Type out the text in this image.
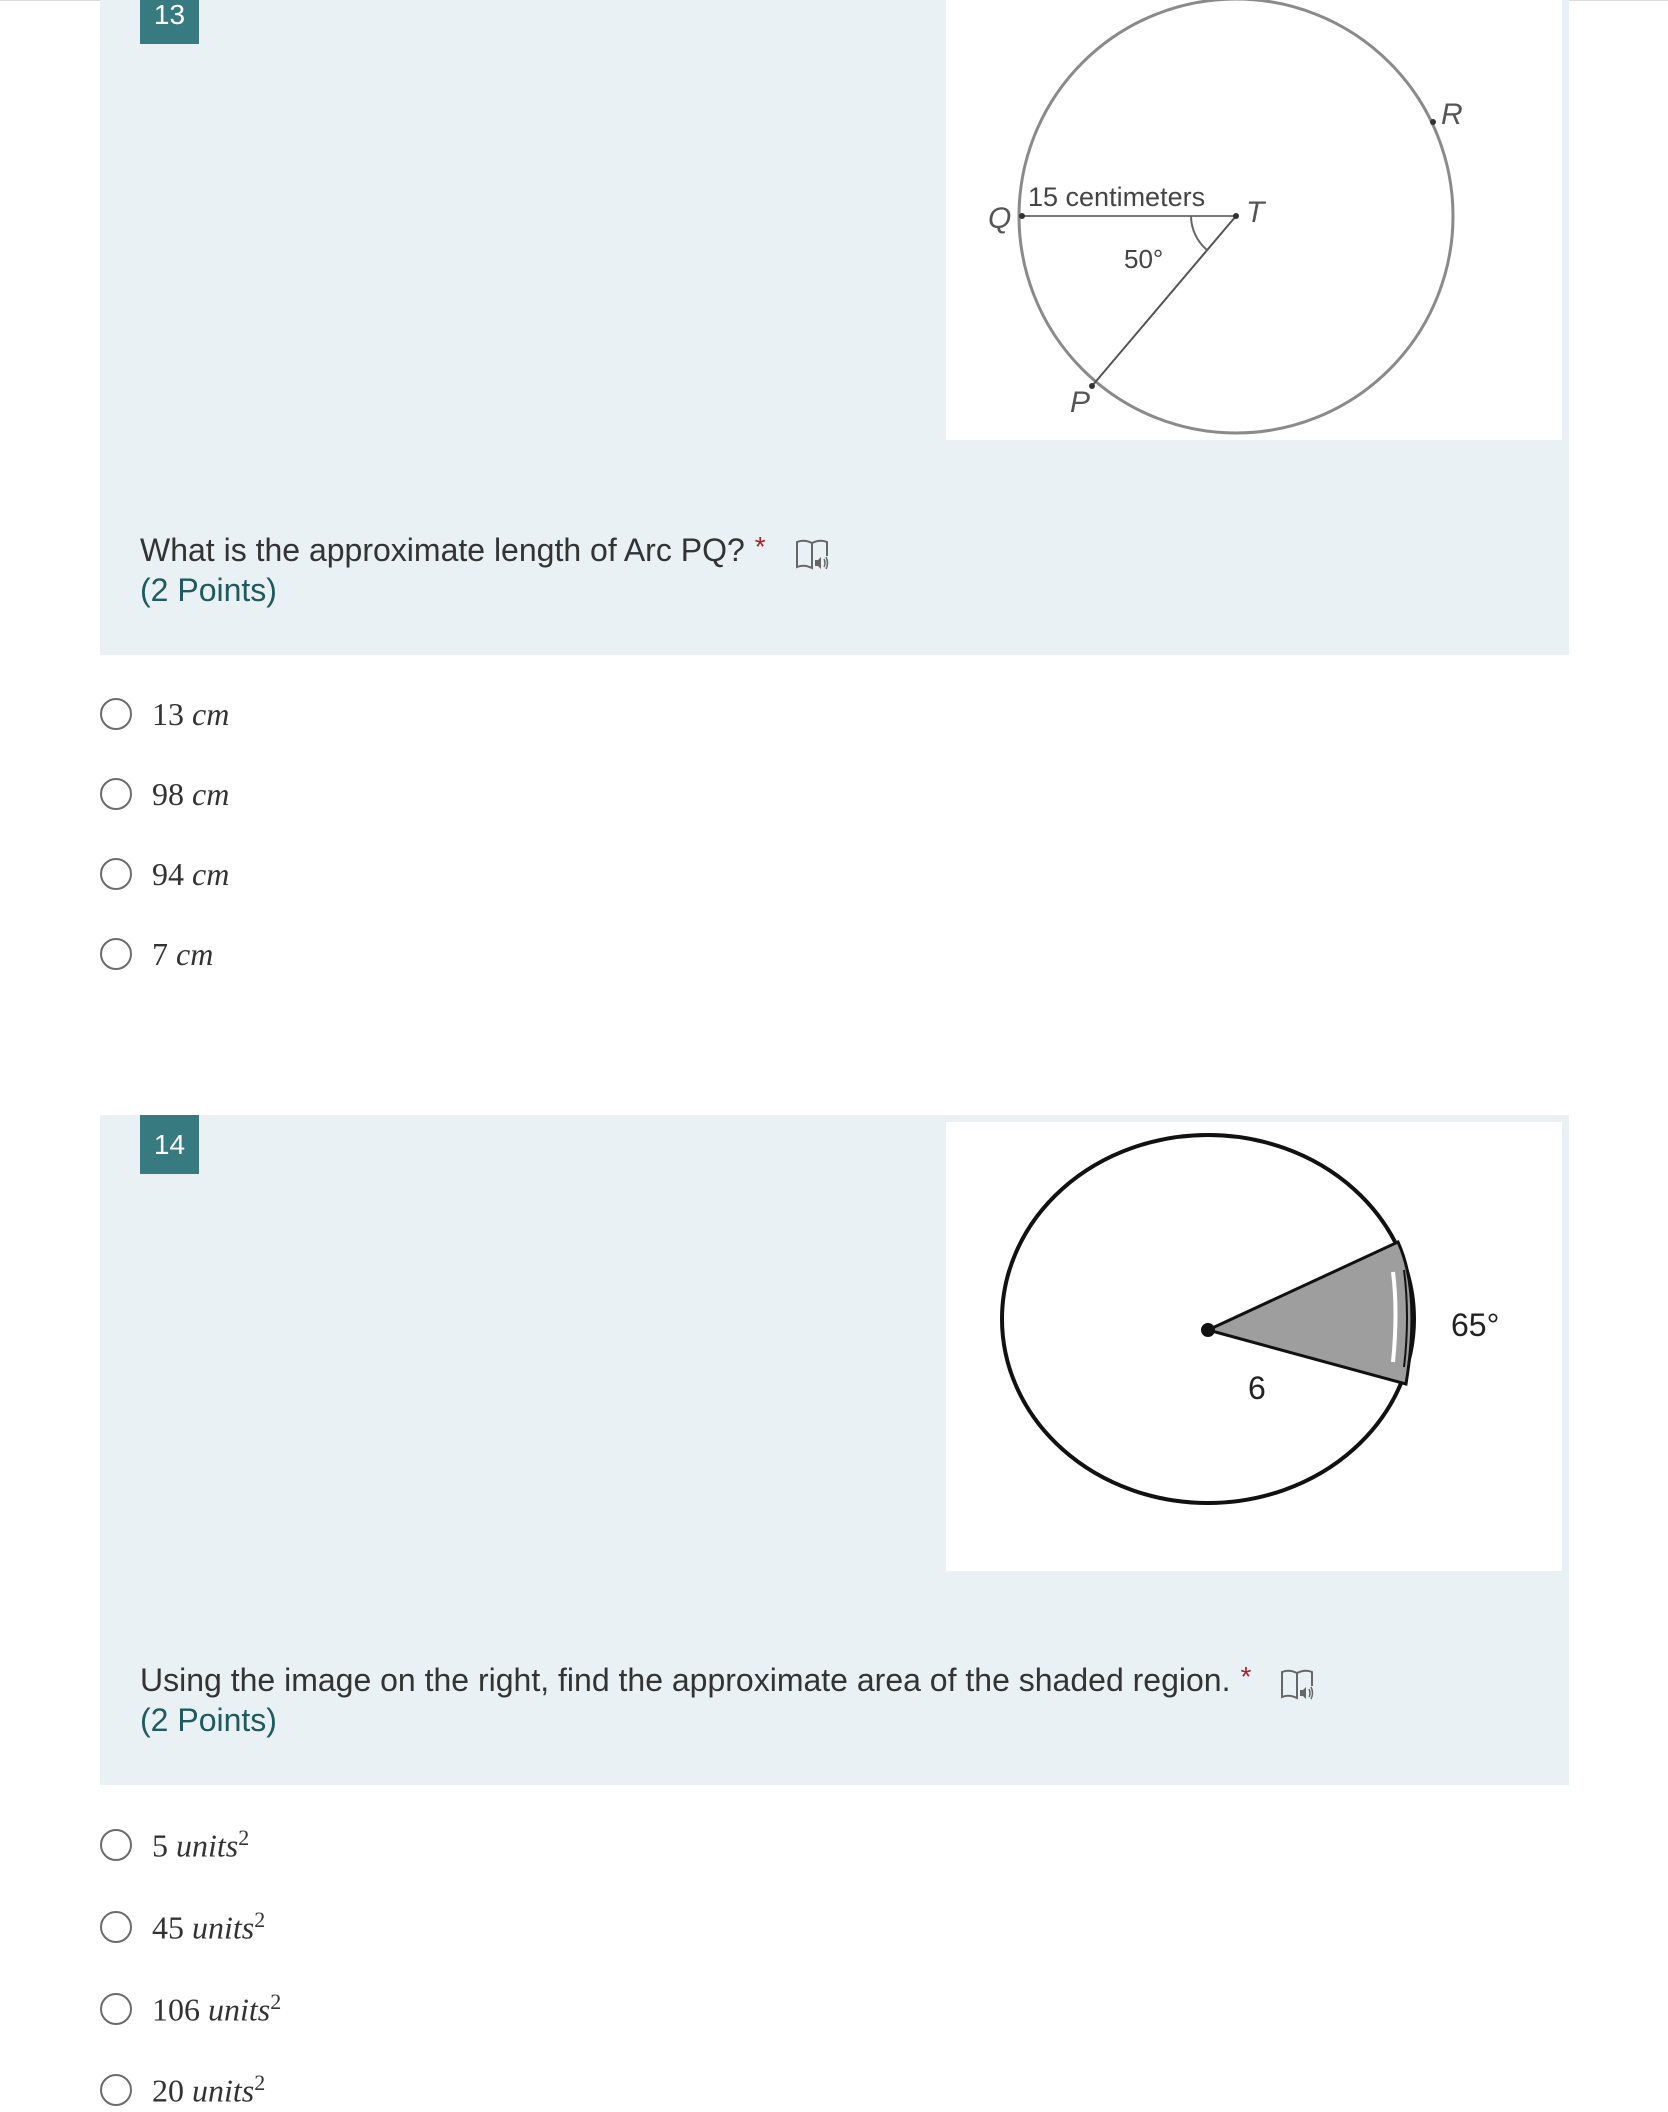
13
R
Q	T
P
15 centimeters
50°
What is the approximate length of Arc PQ? *
(2 Points)
13 cm
98 cm
94 cm
7 cm
14
65°
6
Using the image on the right, find the approximate area of the shaded region. *
(2 Points)
5 units$^2$
45 units$^2$
106 units$^2$
20 units$^2$
